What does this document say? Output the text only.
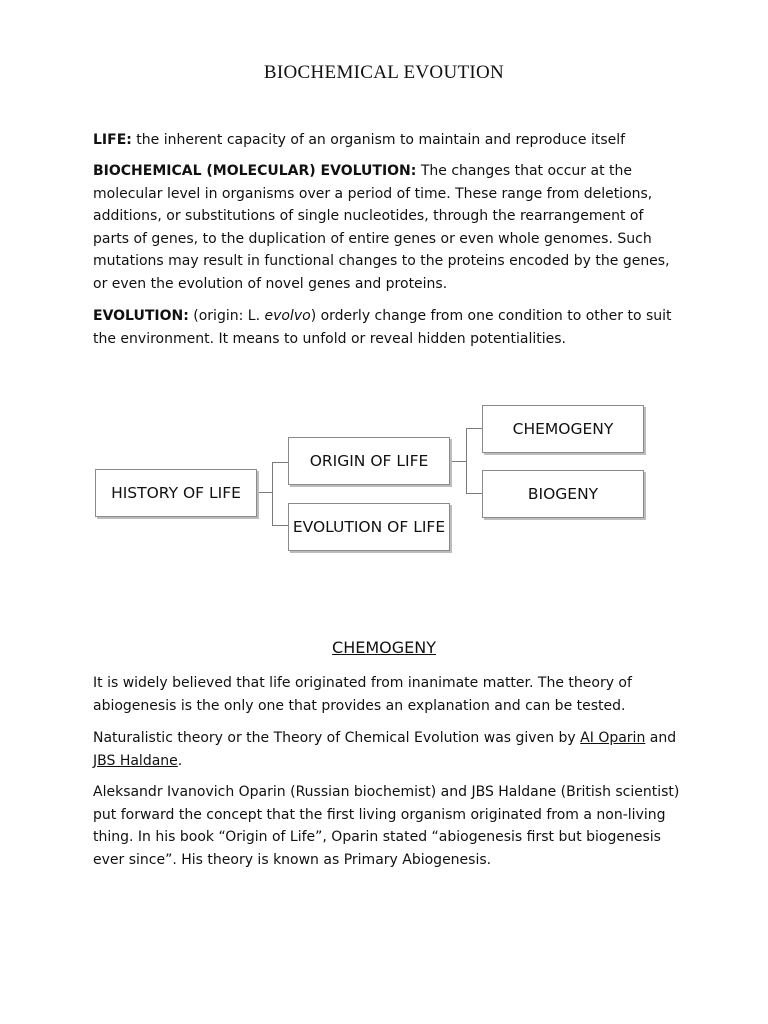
BIOCHEMICAL EVOUTION

LIFE: the inherent capacity of an organism to maintain and reproduce itself

BIOCHEMICAL (MOLECULAR) EVOLUTION: The changes that occur at the molecular level in organisms over a period of time. These range from deletions, additions, or substitutions of single nucleotides, through the rearrangement of parts of genes, to the duplication of entire genes or even whole genomes. Such mutations may result in functional changes to the proteins encoded by the genes, or even the evolution of novel genes and proteins.

EVOLUTION: (origin: L. evolvo) orderly change from one condition to other to suit the environment. It means to unfold or reveal hidden potentialities.

HISTORY OF LIFE
ORIGIN OF LIFE
EVOLUTION OF LIFE
CHEMOGENY
BIOGENY
CHEMOGENY

It is widely believed that life originated from inanimate matter. The theory of abiogenesis is the only one that provides an explanation and can be tested.

Naturalistic theory or the Theory of Chemical Evolution was given by AI Oparin and JBS Haldane.

Aleksandr Ivanovich Oparin (Russian biochemist) and JBS Haldane (British scientist) put forward the concept that the first living organism originated from a non-living thing. In his book “Origin of Life”, Oparin stated “abiogenesis first but biogenesis ever since”. His theory is known as Primary Abiogenesis.
